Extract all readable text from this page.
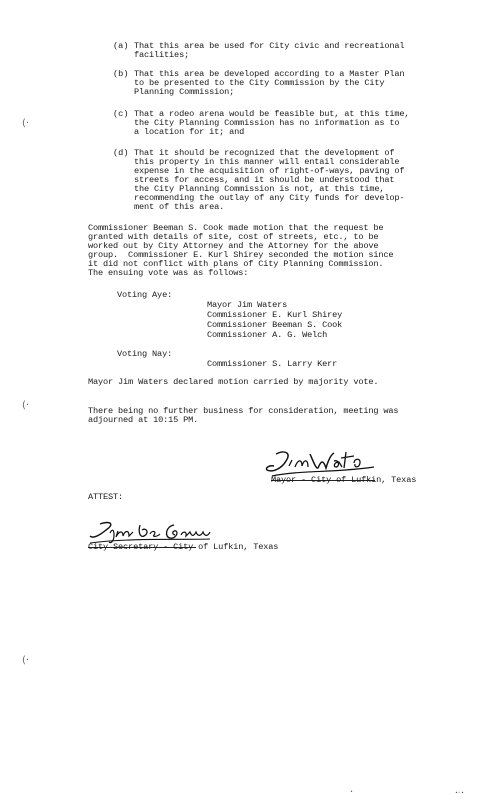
(·
(·
(·
(a) That this area be used for City civic and recreational
facilities;
(b) That this area be developed according to a Master Plan
to be presented to the City Commission by the City
Planning Commission;
(c) That a rodeo arena would be feasible but, at this time,
the City Planning Commission has no information as to
a location for it; and
(d) That it should be recognized that the development of
this property in this manner will entail considerable
expense in the acquisition of right-of-ways, paving of
streets for access, and it should be understood that
the City Planning Commission is not, at this time,
recommending the outlay of any City funds for develop-
ment of this area.
Commissioner Beeman S. Cook made motion that the request be
granted with details of site, cost of streets, etc., to be
worked out by City Attorney and the Attorney for the above
group.  Commissioner E. Kurl Shirey seconded the motion since
it did not conflict with plans of City Planning Commission.
The ensuing vote was as follows:
Voting Aye:
Mayor Jim Waters
Commissioner E. Kurl Shirey
Commissioner Beeman S. Cook
Commissioner A. G. Welch
Voting Nay:
Commissioner S. Larry Kerr
Mayor Jim Waters declared motion carried by majority vote.
There being no further business for consideration, meeting was
adjourned at 10:15 PM.
Mayor - City of Lufkin, Texas
ATTEST:
City Secretary - City of Lufkin, Texas
•	▪▫▪
